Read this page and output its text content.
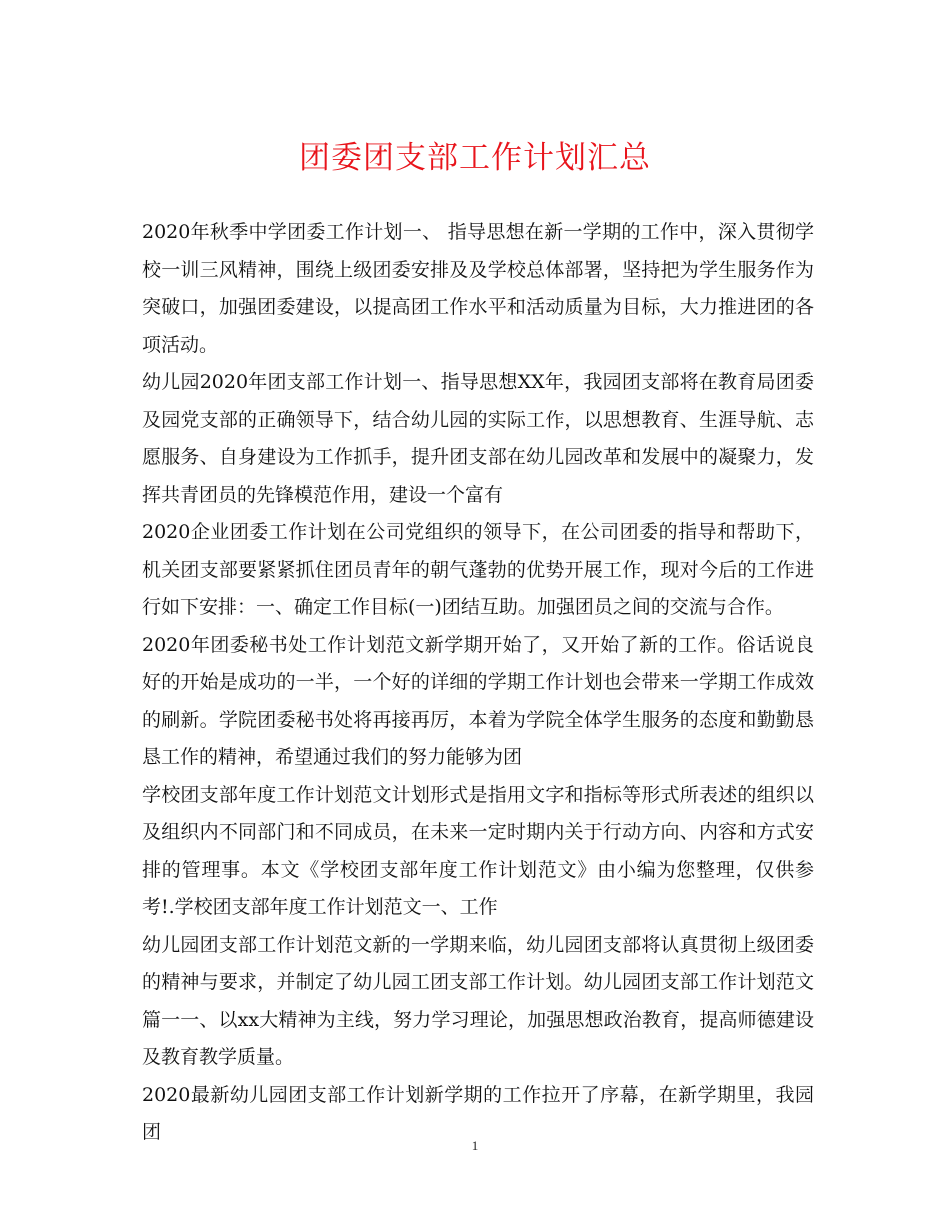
团委团支部工作计划汇总

2020年秋季中学团委工作计划一、 指导思想在新一学期的工作中，深入贯彻学校一训三风精神，围绕上级团委安排及及学校总体部署，坚持把为学生服务作为突破口，加强团委建设，以提高团工作水平和活动质量为目标，大力推进团的各项活动。

幼儿园2020年团支部工作计划一、指导思想XX年，我园团支部将在教育局团委及园党支部的正确领导下，结合幼儿园的实际工作，以思想教育、生涯导航、志愿服务、自身建设为工作抓手，提升团支部在幼儿园改革和发展中的凝聚力，发挥共青团员的先锋模范作用，建设一个富有

2020企业团委工作计划在公司党组织的领导下，在公司团委的指导和帮助下，机关团支部要紧紧抓住团员青年的朝气蓬勃的优势开展工作，现对今后的工作进行如下安排：一、确定工作目标(一)团结互助。加强团员之间的交流与合作。

2020年团委秘书处工作计划范文新学期开始了，又开始了新的工作。俗话说良好的开始是成功的一半，一个好的详细的学期工作计划也会带来一学期工作成效的刷新。学院团委秘书处将再接再厉，本着为学院全体学生服务的态度和勤勤恳恳工作的精神，希望通过我们的努力能够为团

学校团支部年度工作计划范文计划形式是指用文字和指标等形式所表述的组织以及组织内不同部门和不同成员，在未来一定时期内关于行动方向、内容和方式安排的管理事。本文《学校团支部年度工作计划范文》由小编为您整理，仅供参考!.学校团支部年度工作计划范文一、工作

幼儿园团支部工作计划范文新的一学期来临，幼儿园团支部将认真贯彻上级团委的精神与要求，并制定了幼儿园工团支部工作计划。幼儿园团支部工作计划范文篇一一、以xx大精神为主线，努力学习理论，加强思想政治教育，提高师德建设及教育教学质量。

2020最新幼儿园团支部工作计划新学期的工作拉开了序幕，在新学期里，我园团

1
